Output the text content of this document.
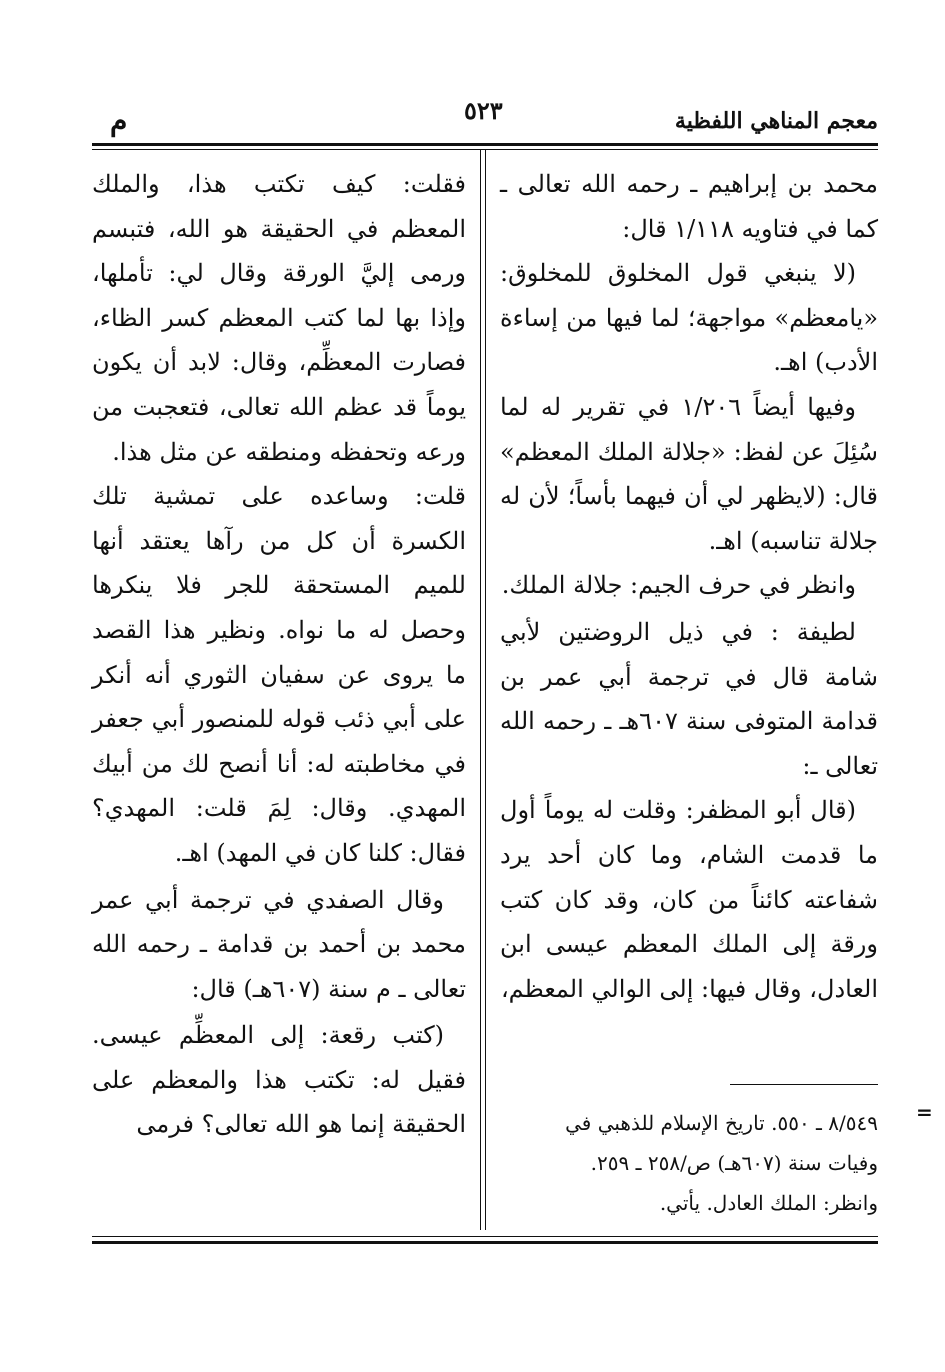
معجم المناهي اللفظية
٥٢٣
م

محمد بن إبراهيم ـ رحمه الله تعالى ـ كما في فتاويه ١/١١٨ قال:

(لا ينبغي قول المخلوق للمخلوق: «يامعظم» مواجهة؛ لما فيها من إساءة الأدب) اهـ.

وفيها أيضاً ١/٢٠٦ في تقرير له لما سُئِلَ عن لفظ: «جلالة الملك المعظم» قال: (لايظهر لي أن فيهما بأساً؛ لأن له جلالة تناسبه) اهـ.

وانظر في حرف الجيم: جلالة الملك.

لطيفة : في ذيل الروضتين لأبي شامة قال في ترجمة أبي عمر بن قدامة المتوفى سنة ٦٠٧هـ ـ رحمه الله تعالى ـ:

(قال أبو المظفر: وقلت له يوماً أول ما قدمت الشام، وما كان أحد يرد شفاعته كائناً من كان، وقد كان كتب ورقة إلى الملك المعظم عيسى ابن العادل، وقال فيها: إلى الوالي المعظم،

فقلت: كيف تكتب هذا، والملك المعظم في الحقيقة هو الله، فتبسم ورمى إليَّ الورقة وقال لي: تأملها، وإذا بها لما كتب المعظم كسر الظاء، فصارت المعظِّم، وقال: لابد أن يكون يوماً قد عظم الله تعالى، فتعجبت من ورعه وتحفظه ومنطقه عن مثل هذا.

قلت: وساعده على تمشية تلك الكسرة أن كل من رآها يعتقد أنها للميم المستحقة للجر فلا ينكرها وحصل له ما نواه. ونظير هذا القصد ما يروى عن سفيان الثوري أنه أنكر على أبي ذئب قوله للمنصور أبي جعفر في مخاطبته له: أنا أنصح لك من أبيك المهدي. وقال: لِمَ قلت: المهدي؟ فقال: كلنا كان في المهد) اهـ.

وقال الصفدي في ترجمة أبي عمر محمد بن أحمد بن قدامة ـ رحمه الله تعالى ـ م سنة (٦٠٧هـ) قال:

(كتب رقعة: إلى المعظِّم عيسى. فقيل له: تكتب هذا والمعظم على الحقيقة إنما هو الله تعالى؟ فرمى	٨/٥٤٩ ـ ٥٥٠. تاريخ الإسلام للذهبي في
وفيات سنة (٦٠٧هـ) ص/٢٥٨ ـ ٢٥٩.
وانظر: الملك العادل. يأتي.
=
